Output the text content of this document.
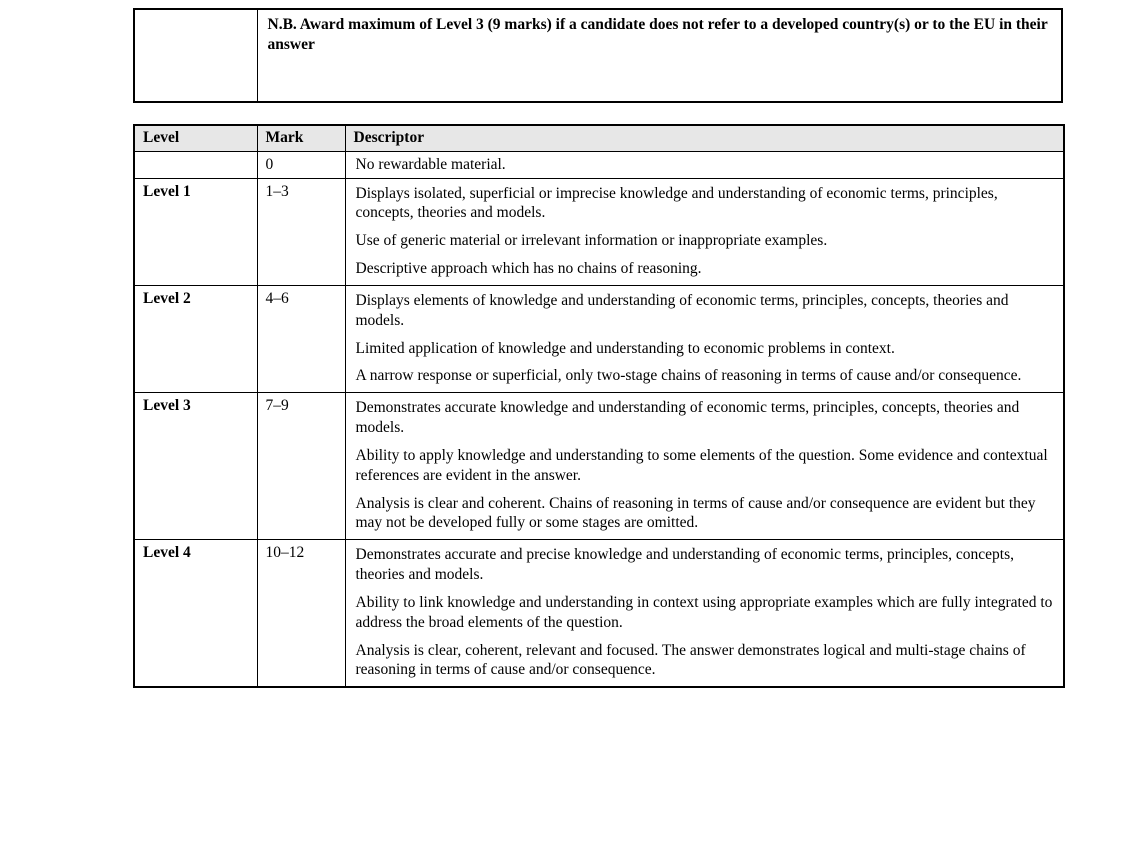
N.B. Award maximum of Level 3 (9 marks) if a candidate does not refer to a developed country(s) or to the EU in their answer
Level	Mark	Descriptor
	0	No rewardable material.

Level 1	1–3	Displays isolated, superficial or imprecise knowledge and understanding of economic terms, principles, concepts, theories and models.

Use of generic material or irrelevant information or inappropriate examples.

Descriptive approach which has no chains of reasoning.

Level 2	4–6	Displays elements of knowledge and understanding of economic terms, principles, concepts, theories and models.

Limited application of knowledge and understanding to economic problems in context.

A narrow response or superficial, only two-stage chains of reasoning in terms of cause and/or consequence.

Level 3	7–9	Demonstrates accurate knowledge and understanding of economic terms, principles, concepts, theories and models.

Ability to apply knowledge and understanding to some elements of the question. Some evidence and contextual references are evident in the answer.

Analysis is clear and coherent. Chains of reasoning in terms of cause and/or consequence are evident but they may not be developed fully or some stages are omitted.

Level 4	10–12	Demonstrates accurate and precise knowledge and understanding of economic terms, principles, concepts, theories and models.

Ability to link knowledge and understanding in context using appropriate examples which are fully integrated to address the broad elements of the question.

Analysis is clear, coherent, relevant and focused. The answer demonstrates logical and multi-stage chains of reasoning in terms of cause and/or consequence.
